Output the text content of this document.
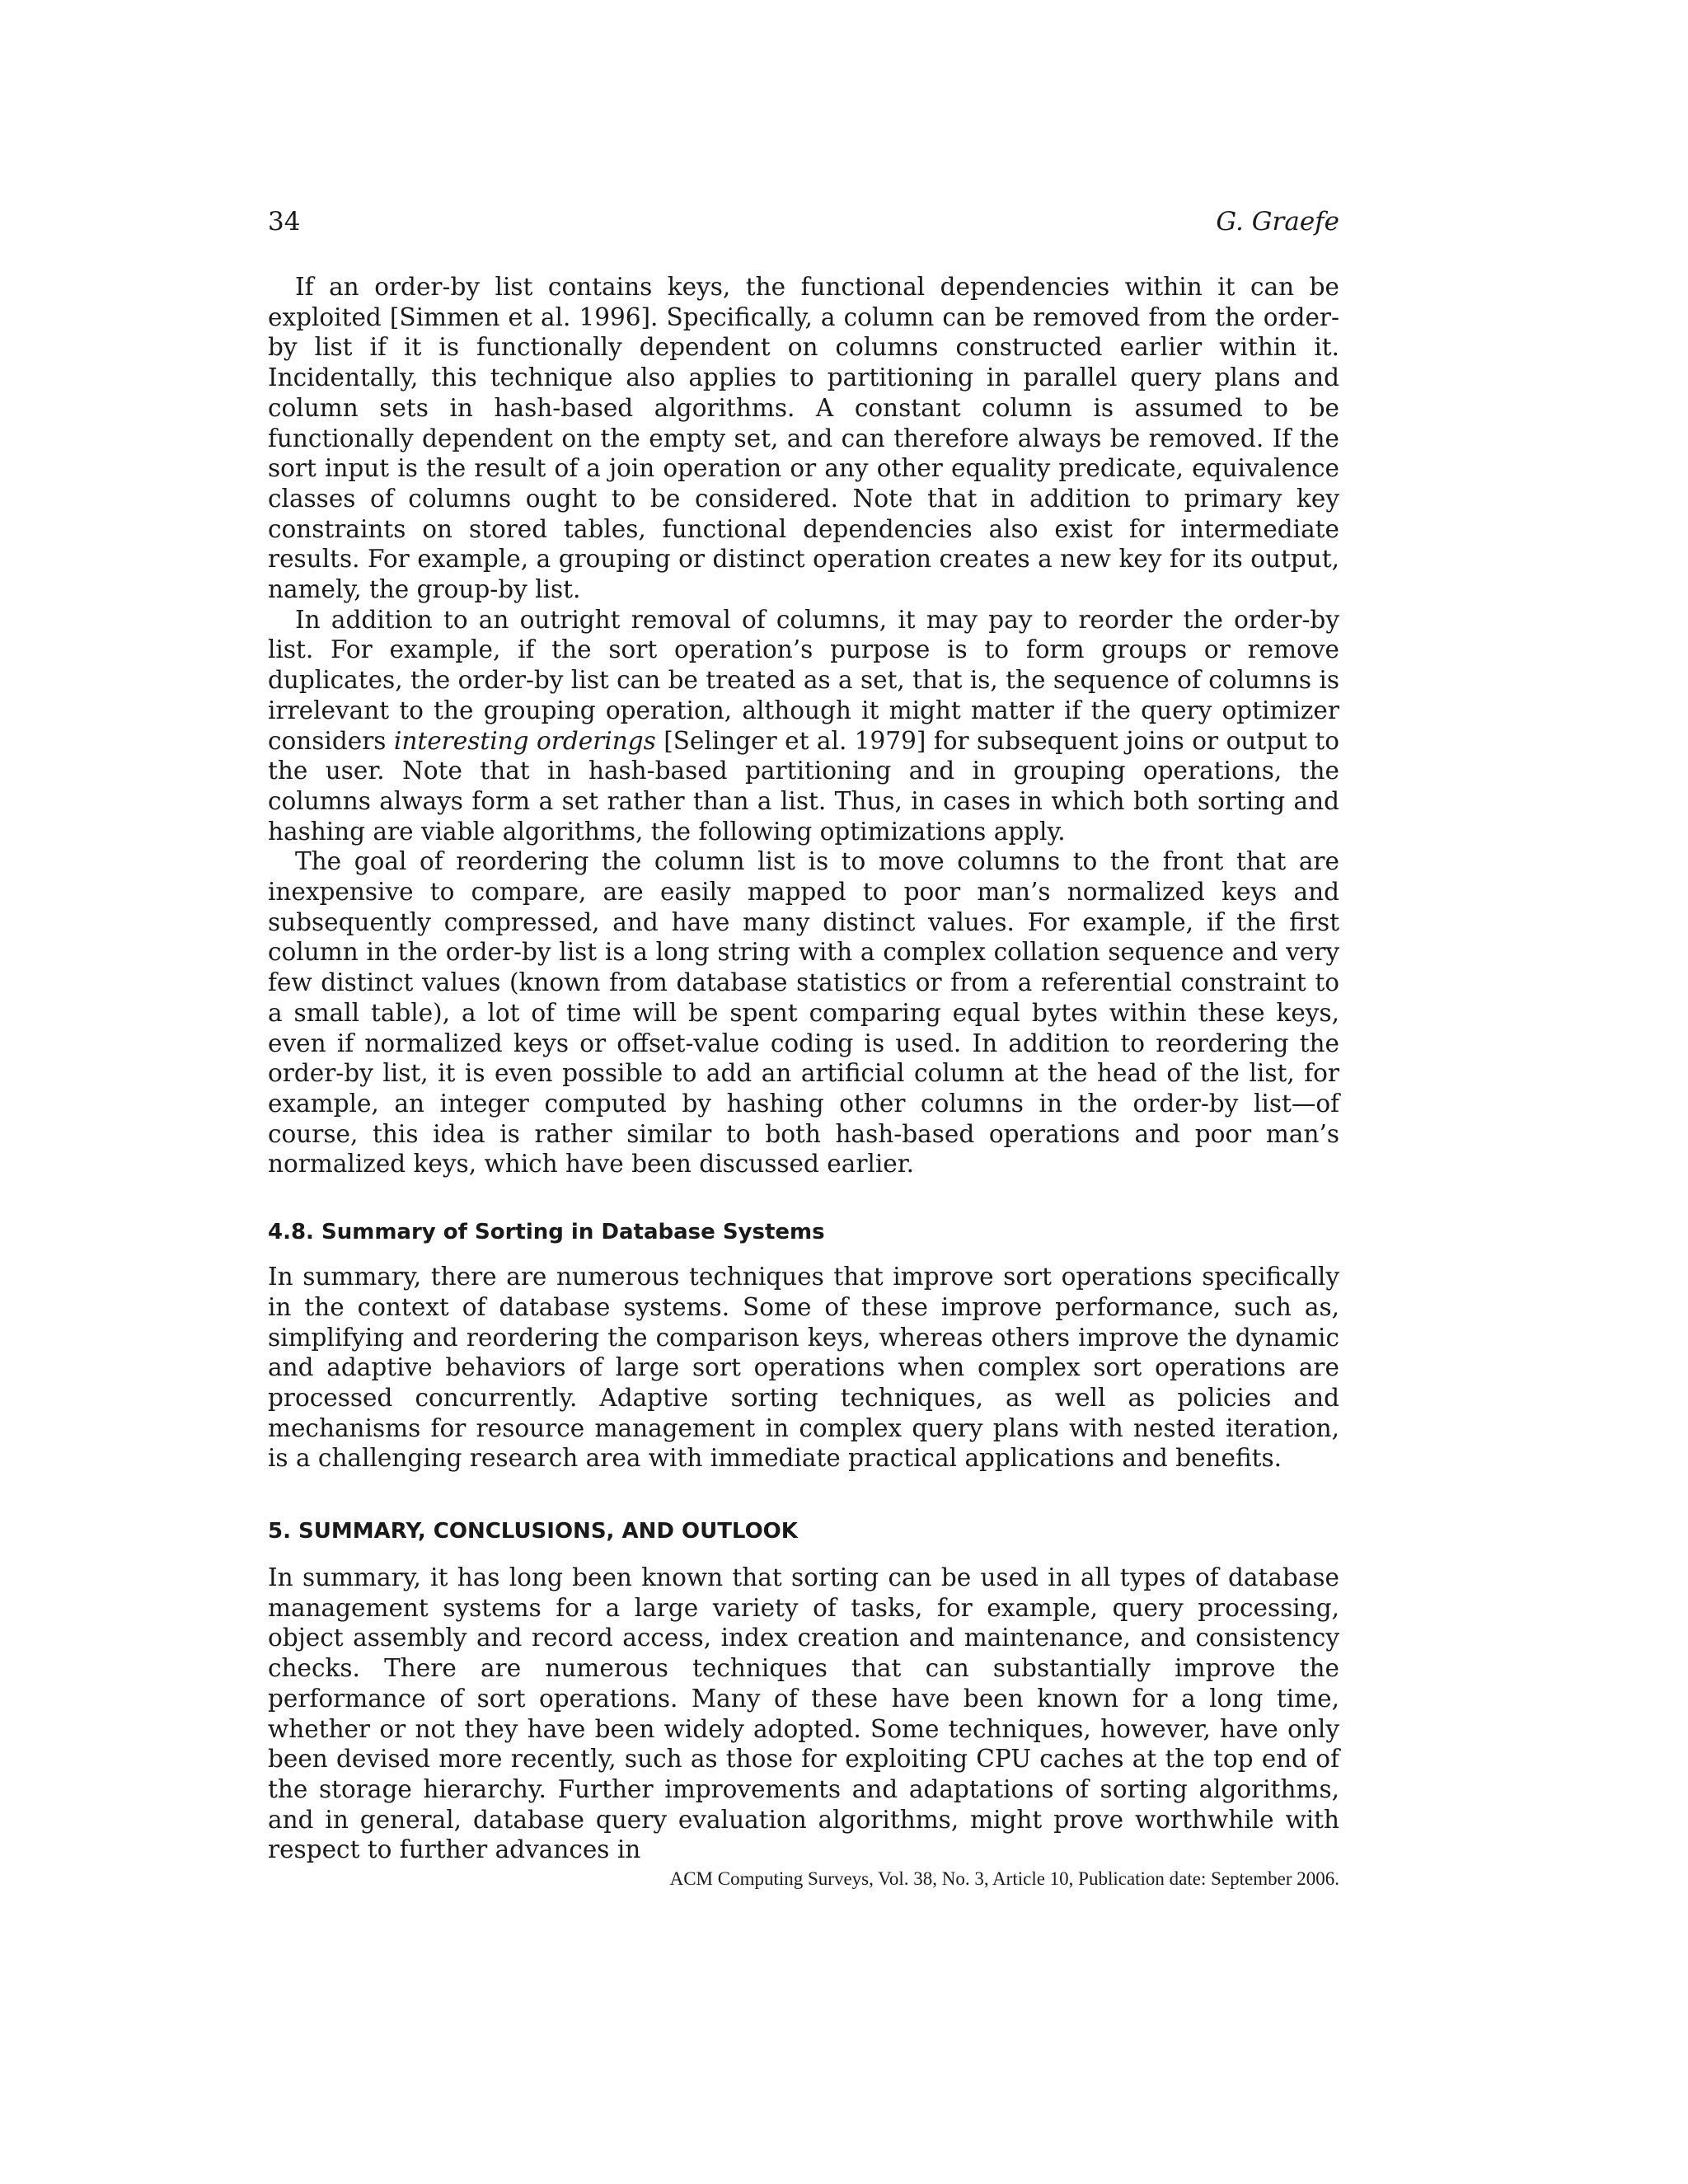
34	G. Graefe

If an order-by list contains keys, the functional dependencies within it can be exploited [Simmen et al. 1996]. Specifically, a column can be removed from the order-by list if it is functionally dependent on columns constructed earlier within it. Incidentally, this technique also applies to partitioning in parallel query plans and column sets in hash-based algorithms. A constant column is assumed to be functionally dependent on the empty set, and can therefore always be removed. If the sort input is the result of a join operation or any other equality predicate, equivalence classes of columns ought to be considered. Note that in addition to primary key constraints on stored tables, functional dependencies also exist for intermediate results. For example, a grouping or distinct operation creates a new key for its output, namely, the group-by list.

In addition to an outright removal of columns, it may pay to reorder the order-by list. For example, if the sort operation’s purpose is to form groups or remove duplicates, the order-by list can be treated as a set, that is, the sequence of columns is irrelevant to the grouping operation, although it might matter if the query optimizer considers interesting orderings [Selinger et al. 1979] for subsequent joins or output to the user. Note that in hash-based partitioning and in grouping operations, the columns always form a set rather than a list. Thus, in cases in which both sorting and hashing are viable algorithms, the following optimizations apply.

The goal of reordering the column list is to move columns to the front that are inexpensive to compare, are easily mapped to poor man’s normalized keys and subsequently compressed, and have many distinct values. For example, if the first column in the order-by list is a long string with a complex collation sequence and very few distinct values (known from database statistics or from a referential constraint to a small table), a lot of time will be spent comparing equal bytes within these keys, even if normalized keys or offset-value coding is used. In addition to reordering the order-by list, it is even possible to add an artificial column at the head of the list, for example, an integer computed by hashing other columns in the order-by list—of course, this idea is rather similar to both hash-based operations and poor man’s normalized keys, which have been discussed earlier.

4.8. Summary of Sorting in Database Systems

In summary, there are numerous techniques that improve sort operations specifically in the context of database systems. Some of these improve performance, such as, simplifying and reordering the comparison keys, whereas others improve the dynamic and adaptive behaviors of large sort operations when complex sort operations are processed concurrently. Adaptive sorting techniques, as well as policies and mechanisms for resource management in complex query plans with nested iteration, is a challenging research area with immediate practical applications and benefits.

5. SUMMARY, CONCLUSIONS, AND OUTLOOK

In summary, it has long been known that sorting can be used in all types of database management systems for a large variety of tasks, for example, query processing, object assembly and record access, index creation and maintenance, and consistency checks. There are numerous techniques that can substantially improve the performance of sort operations. Many of these have been known for a long time, whether or not they have been widely adopted. Some techniques, however, have only been devised more recently, such as those for exploiting CPU caches at the top end of the storage hierarchy. Further improvements and adaptations of sorting algorithms, and in general, database query evaluation algorithms, might prove worthwhile with respect to further advances in

ACM Computing Surveys, Vol. 38, No. 3, Article 10, Publication date: September 2006.
